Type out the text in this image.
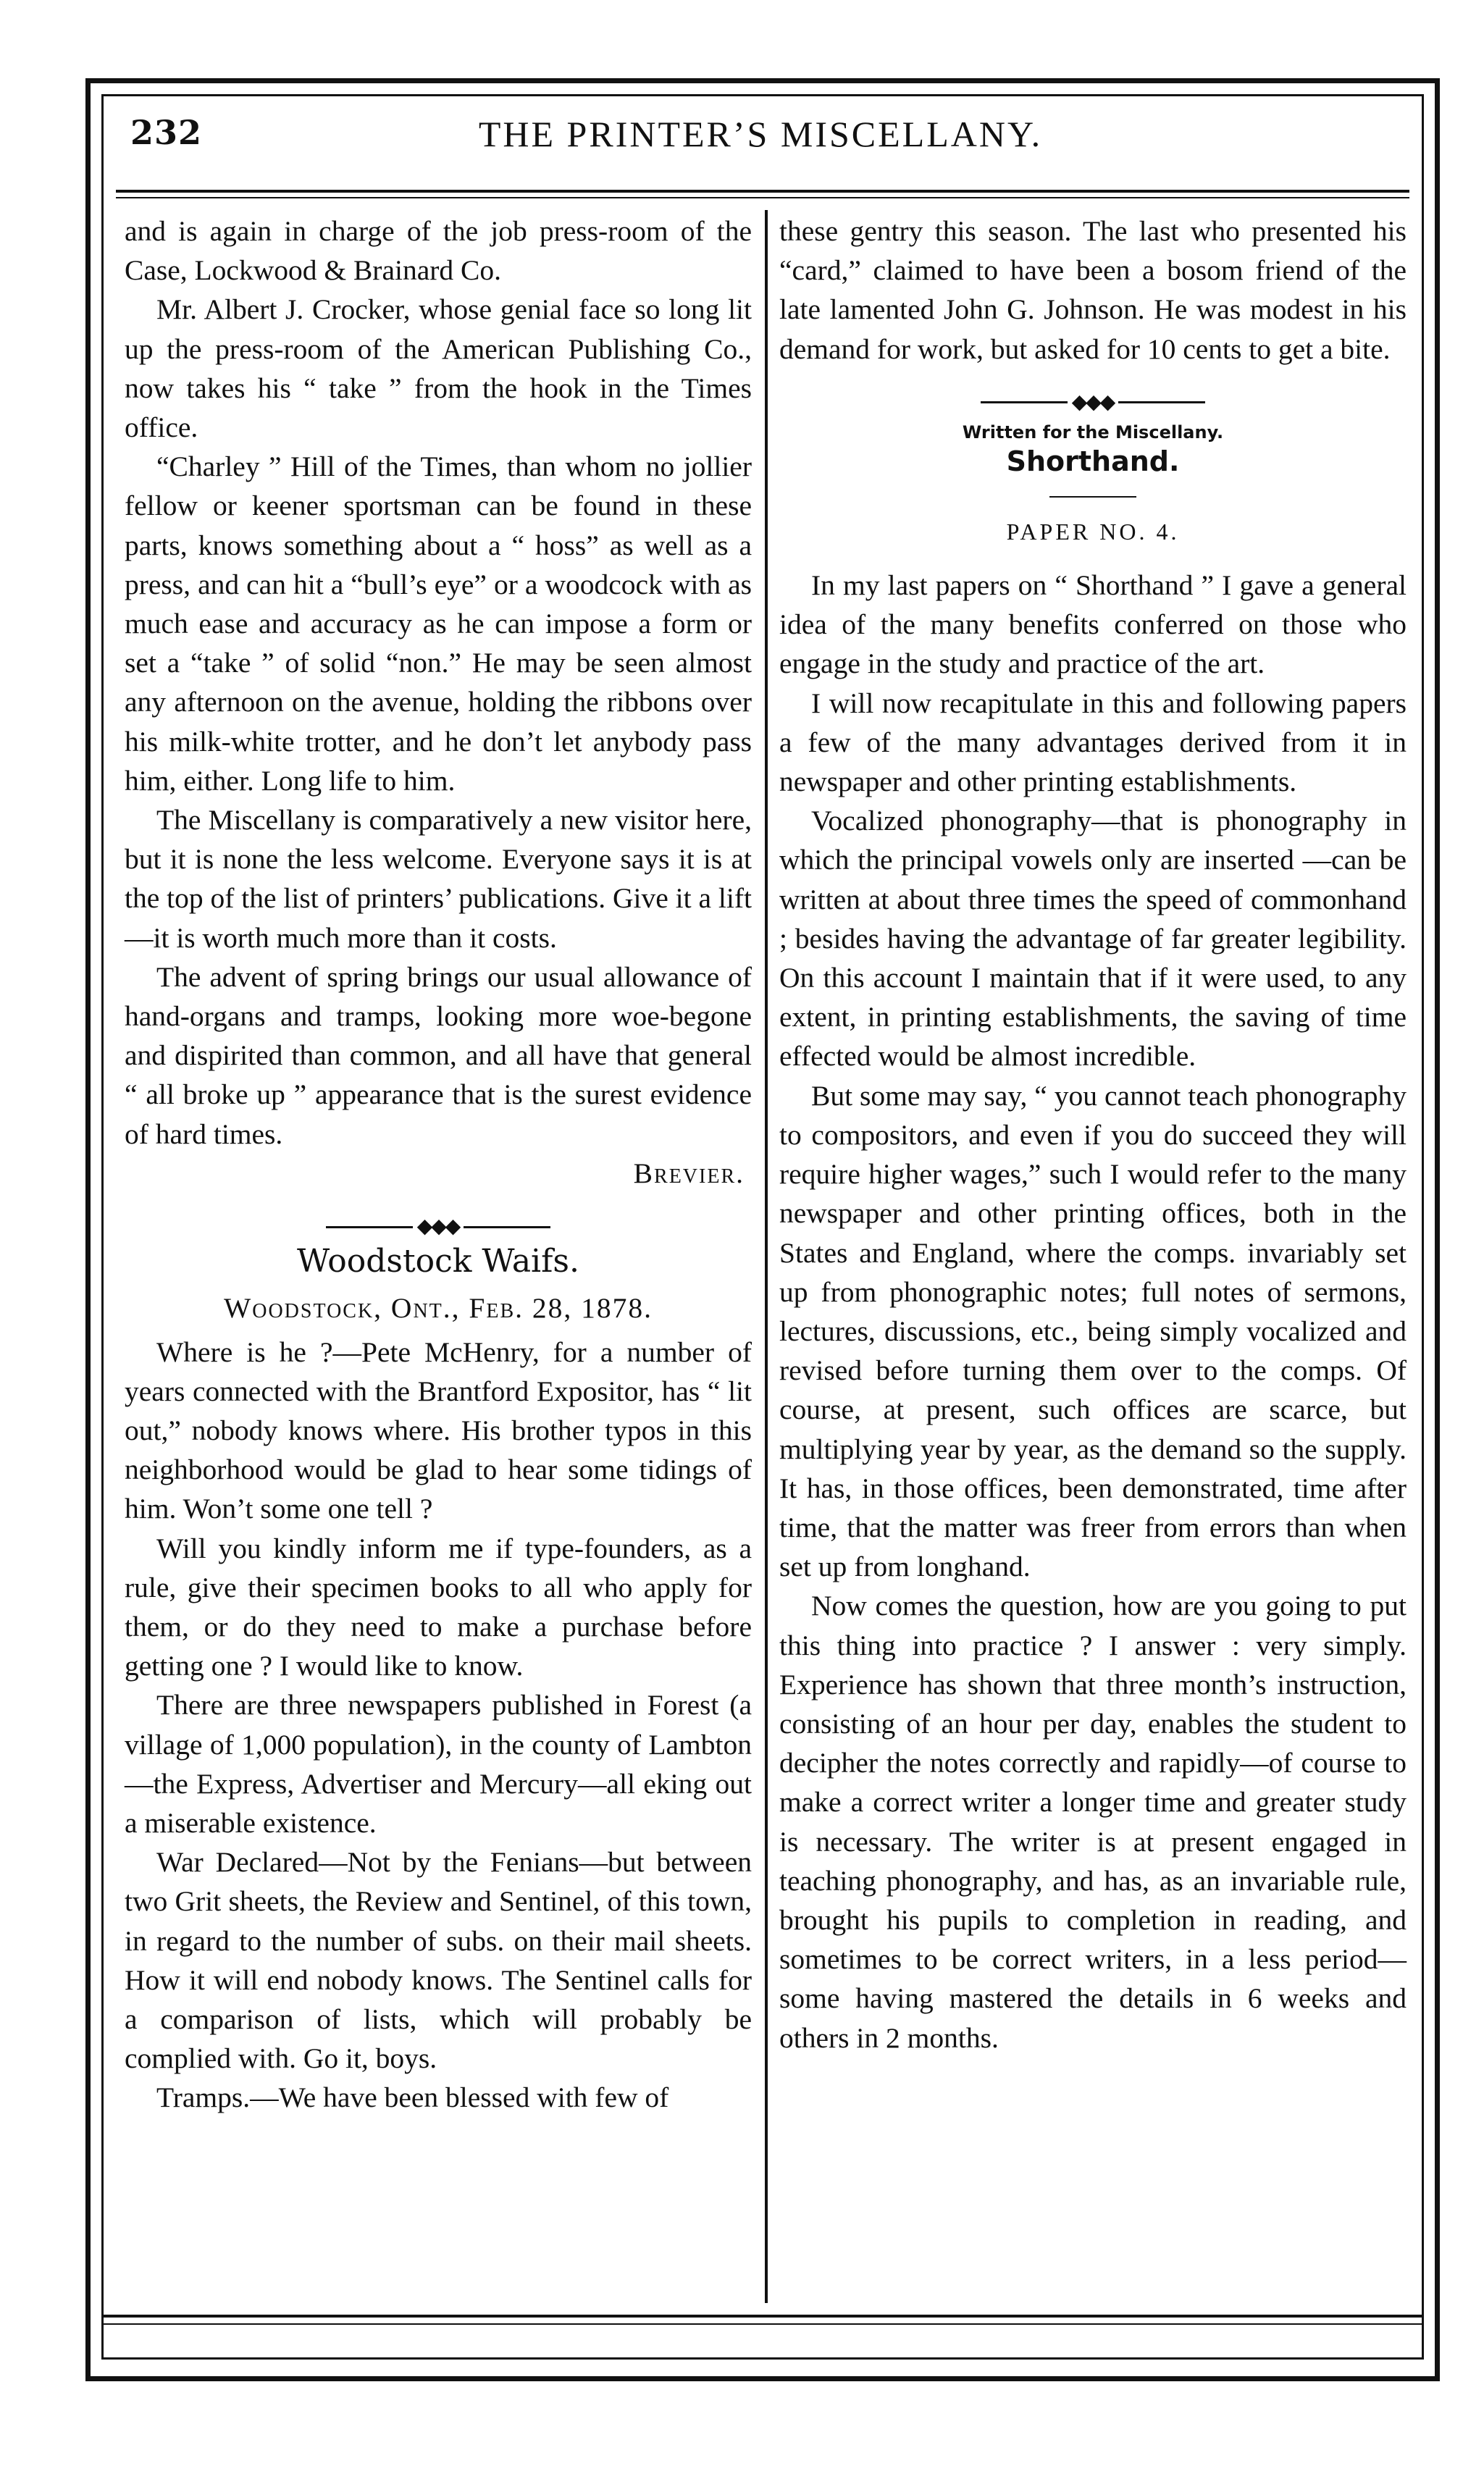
232	THE PRINTER’S MISCELLANY.

and is again in charge of the job press-room of the Case, Lockwood & Brainard Co.

Mr. Albert J. Crocker, whose genial face so long lit up the press-room of the American Publishing Co., now takes his “ take ” from the hook in the Times office.

“Charley ” Hill of the Times, than whom no jollier fellow or keener sportsman can be found in these parts, knows something about a “ hoss” as well as a press, and can hit a “bull’s eye” or a woodcock with as much ease and accuracy as he can impose a form or set a “take ” of solid “non.” He may be seen almost any afternoon on the avenue, holding the ribbons over his milk-white trotter, and he don’t let anybody pass him, either. Long life to him.

The Miscellany is comparatively a new visitor here, but it is none the less welcome. Everyone says it is at the top of the list of printers’ publications. Give it a lift—it is worth much more than it costs.

The advent of spring brings our usual allowance of hand-organs and tramps, looking more woe-begone and dispirited than common, and all have that general “ all broke up ” appearance that is the surest evidence of hard times.

Brevier.

◆◆◆

Woodstock Waifs.

Woodstock, Ont., Feb. 28, 1878.

Where is he ?—Pete McHenry, for a number of years connected with the Brantford Expositor, has “ lit out,” nobody knows where. His brother typos in this neighborhood would be glad to hear some tidings of him. Won’t some one tell ?

Will you kindly inform me if type-founders, as a rule, give their specimen books to all who apply for them, or do they need to make a purchase before getting one ? I would like to know.

There are three newspapers published in Forest (a village of 1,000 population), in the county of Lambton—the Express, Advertiser and Mercury—all eking out a miserable existence.

War Declared—Not by the Fenians—but between two Grit sheets, the Review and Sentinel, of this town, in regard to the number of subs. on their mail sheets. How it will end nobody knows. The Sentinel calls for a comparison of lists, which will probably be complied with. Go it, boys.

Tramps.—We have been blessed with few of

these gentry this season. The last who presented his “card,” claimed to have been a bosom friend of the late lamented John G. Johnson. He was modest in his demand for work, but asked for 10 cents to get a bite.

◆◆◆

Written for the Miscellany.

Shorthand.

PAPER NO. 4.

In my last papers on “ Shorthand ” I gave a general idea of the many benefits conferred on those who engage in the study and practice of the art.

I will now recapitulate in this and following papers a few of the many advantages derived from it in newspaper and other printing establishments.

Vocalized phonography—that is phonography in which the principal vowels only are inserted —can be written at about three times the speed of commonhand ; besides having the advantage of far greater legibility. On this account I maintain that if it were used, to any extent, in printing establishments, the saving of time effected would be almost incredible.

But some may say, “ you cannot teach phonography to compositors, and even if you do succeed they will require higher wages,” such I would refer to the many newspaper and other printing offices, both in the States and England, where the comps. invariably set up from phonographic notes; full notes of sermons, lectures, discussions, etc., being simply vocalized and revised before turning them over to the comps. Of course, at present, such offices are scarce, but multiplying year by year, as the demand so the supply. It has, in those offices, been demonstrated, time after time, that the matter was freer from errors than when set up from longhand.

Now comes the question, how are you going to put this thing into practice ? I answer : very simply. Experience has shown that three month’s instruction, consisting of an hour per day, enables the student to decipher the notes correctly and rapidly—of course to make a correct writer a longer time and greater study is necessary. The writer is at present engaged in teaching phonography, and has, as an invariable rule, brought his pupils to completion in reading, and sometimes to be correct writers, in a less period—some having mastered the details in 6 weeks and others in 2 months.
